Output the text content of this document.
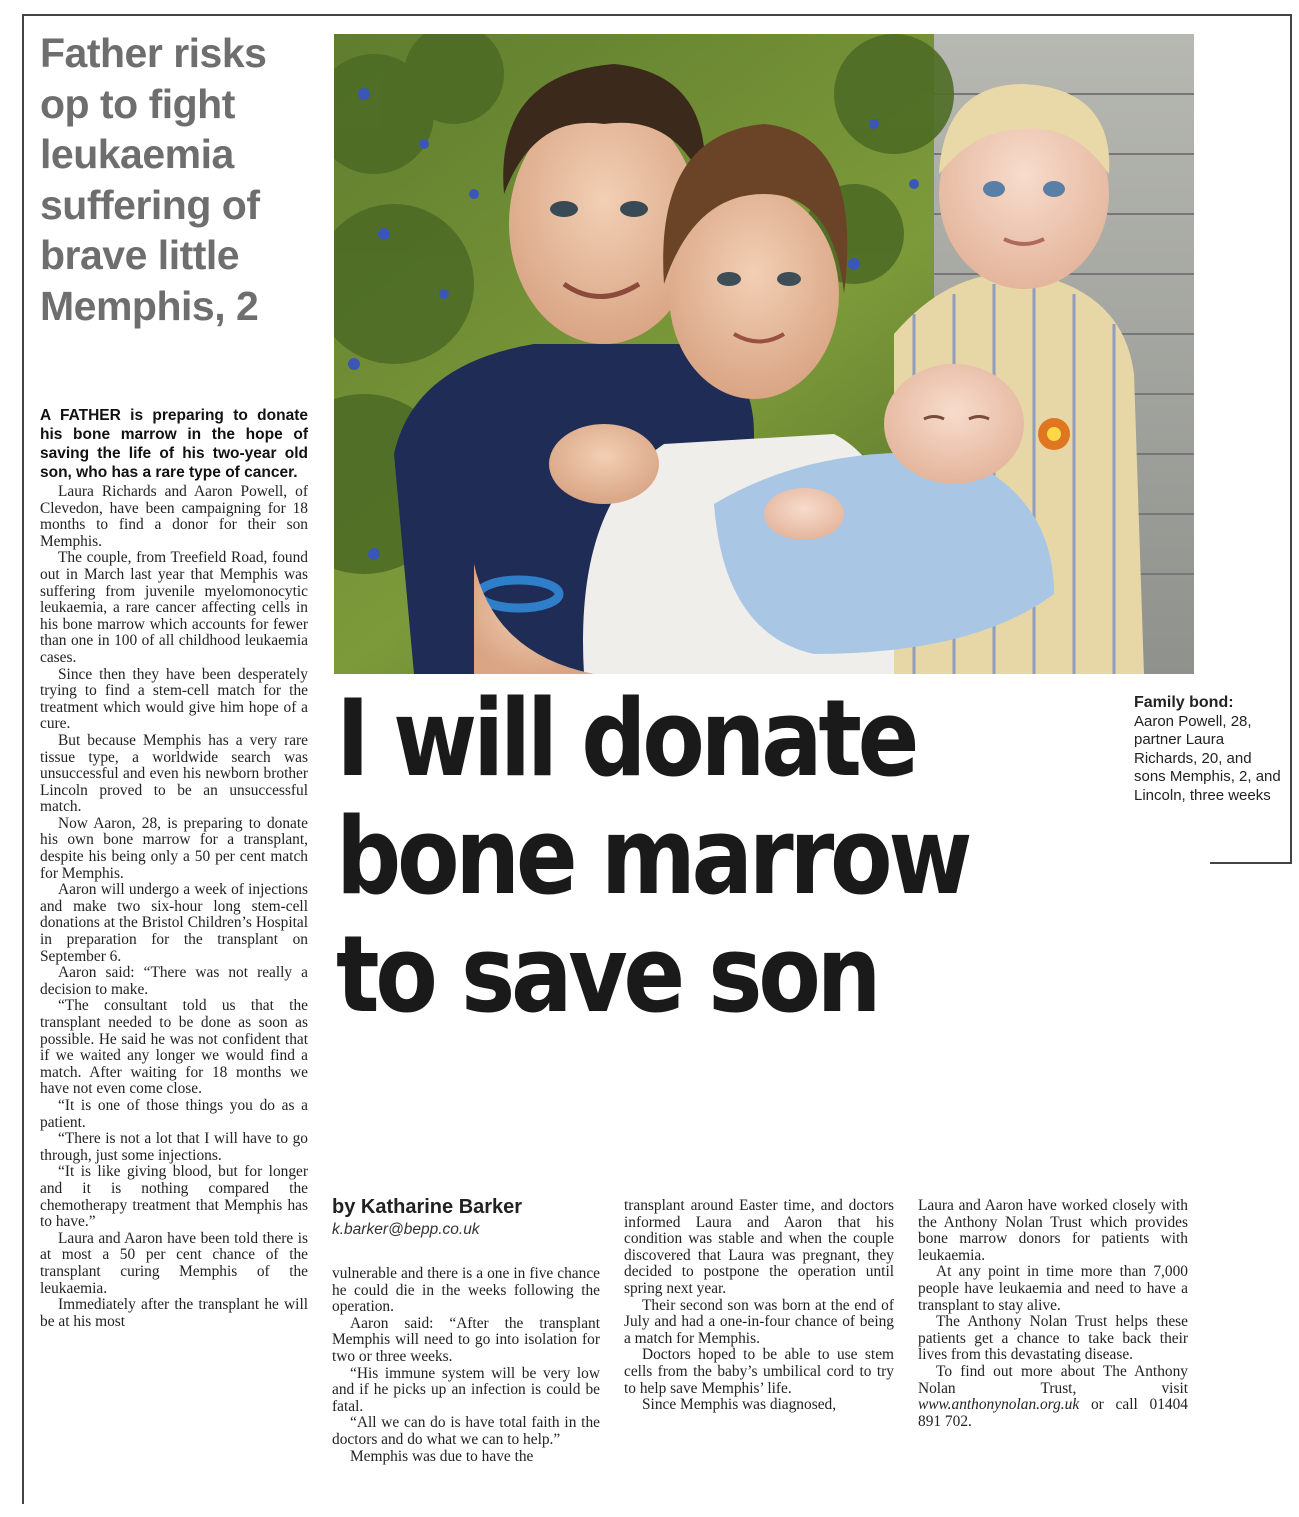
Father risks
op to fight
leukaemia
suffering of
brave little
Memphis, 2
Family bond:
Aaron Powell, 28, partner Laura Richards, 20, and sons Memphis, 2, and Lincoln, three weeks
I will donate
bone marrow
to save son
by Katharine Barker
k.barker@bepp.co.uk

A FATHER is preparing to donate his bone marrow in the hope of saving the life of his two-year old son, who has a rare type of cancer.

Laura Richards and Aaron Powell, of Clevedon, have been campaigning for 18 months to find a donor for their son Memphis.

The couple, from Treefield Road, found out in March last year that Memphis was suffering from juvenile myelomonocytic leukaemia, a rare cancer affecting cells in his bone marrow which accounts for fewer than one in 100 of all childhood leukaemia cases.

Since then they have been desperately trying to find a stem-cell match for the treatment which would give him hope of a cure.

But because Memphis has a very rare tissue type, a worldwide search was unsuccessful and even his newborn brother Lincoln proved to be an unsuccessful match.

Now Aaron, 28, is preparing to donate his own bone marrow for a transplant, despite his being only a 50 per cent match for Memphis.

Aaron will undergo a week of injections and make two six-hour long stem-cell donations at the Bristol Children’s Hospital in preparation for the transplant on September 6.

Aaron said: “There was not really a decision to make.

“The consultant told us that the transplant needed to be done as soon as possible. He said he was not confident that if we waited any longer we would find a match. After waiting for 18 months we have not even come close.

“It is one of those things you do as a patient.

“There is not a lot that I will have to go through, just some injections.

“It is like giving blood, but for longer and it is nothing compared the chemotherapy treatment that Memphis has to have.”

Laura and Aaron have been told there is at most a 50 per cent chance of the transplant curing Memphis of the leukaemia.

Immediately after the transplant he will be at his most

vulnerable and there is a one in five chance he could die in the weeks following the operation.

Aaron said: “After the transplant Memphis will need to go into isolation for two or three weeks.

“His immune system will be very low and if he picks up an infection is could be fatal.

“All we can do is have total faith in the doctors and do what we can to help.”

Memphis was due to have the

transplant around Easter time, and doctors informed Laura and Aaron that his condition was stable and when the couple discovered that Laura was pregnant, they decided to postpone the operation until spring next year.

Their second son was born at the end of July and had a one-in-four chance of being a match for Memphis.

Doctors hoped to be able to use stem cells from the baby’s umbilical cord to try to help save Memphis’ life.

Since Memphis was diagnosed,

Laura and Aaron have worked closely with the Anthony Nolan Trust which provides bone marrow donors for patients with leukaemia.

At any point in time more than 7,000 people have leukaemia and need to have a transplant to stay alive.

The Anthony Nolan Trust helps these patients get a chance to take back their lives from this devastating disease.

To find out more about The Anthony Nolan Trust, visit www.anthonynolan.org.uk or call 01404 891 702.
